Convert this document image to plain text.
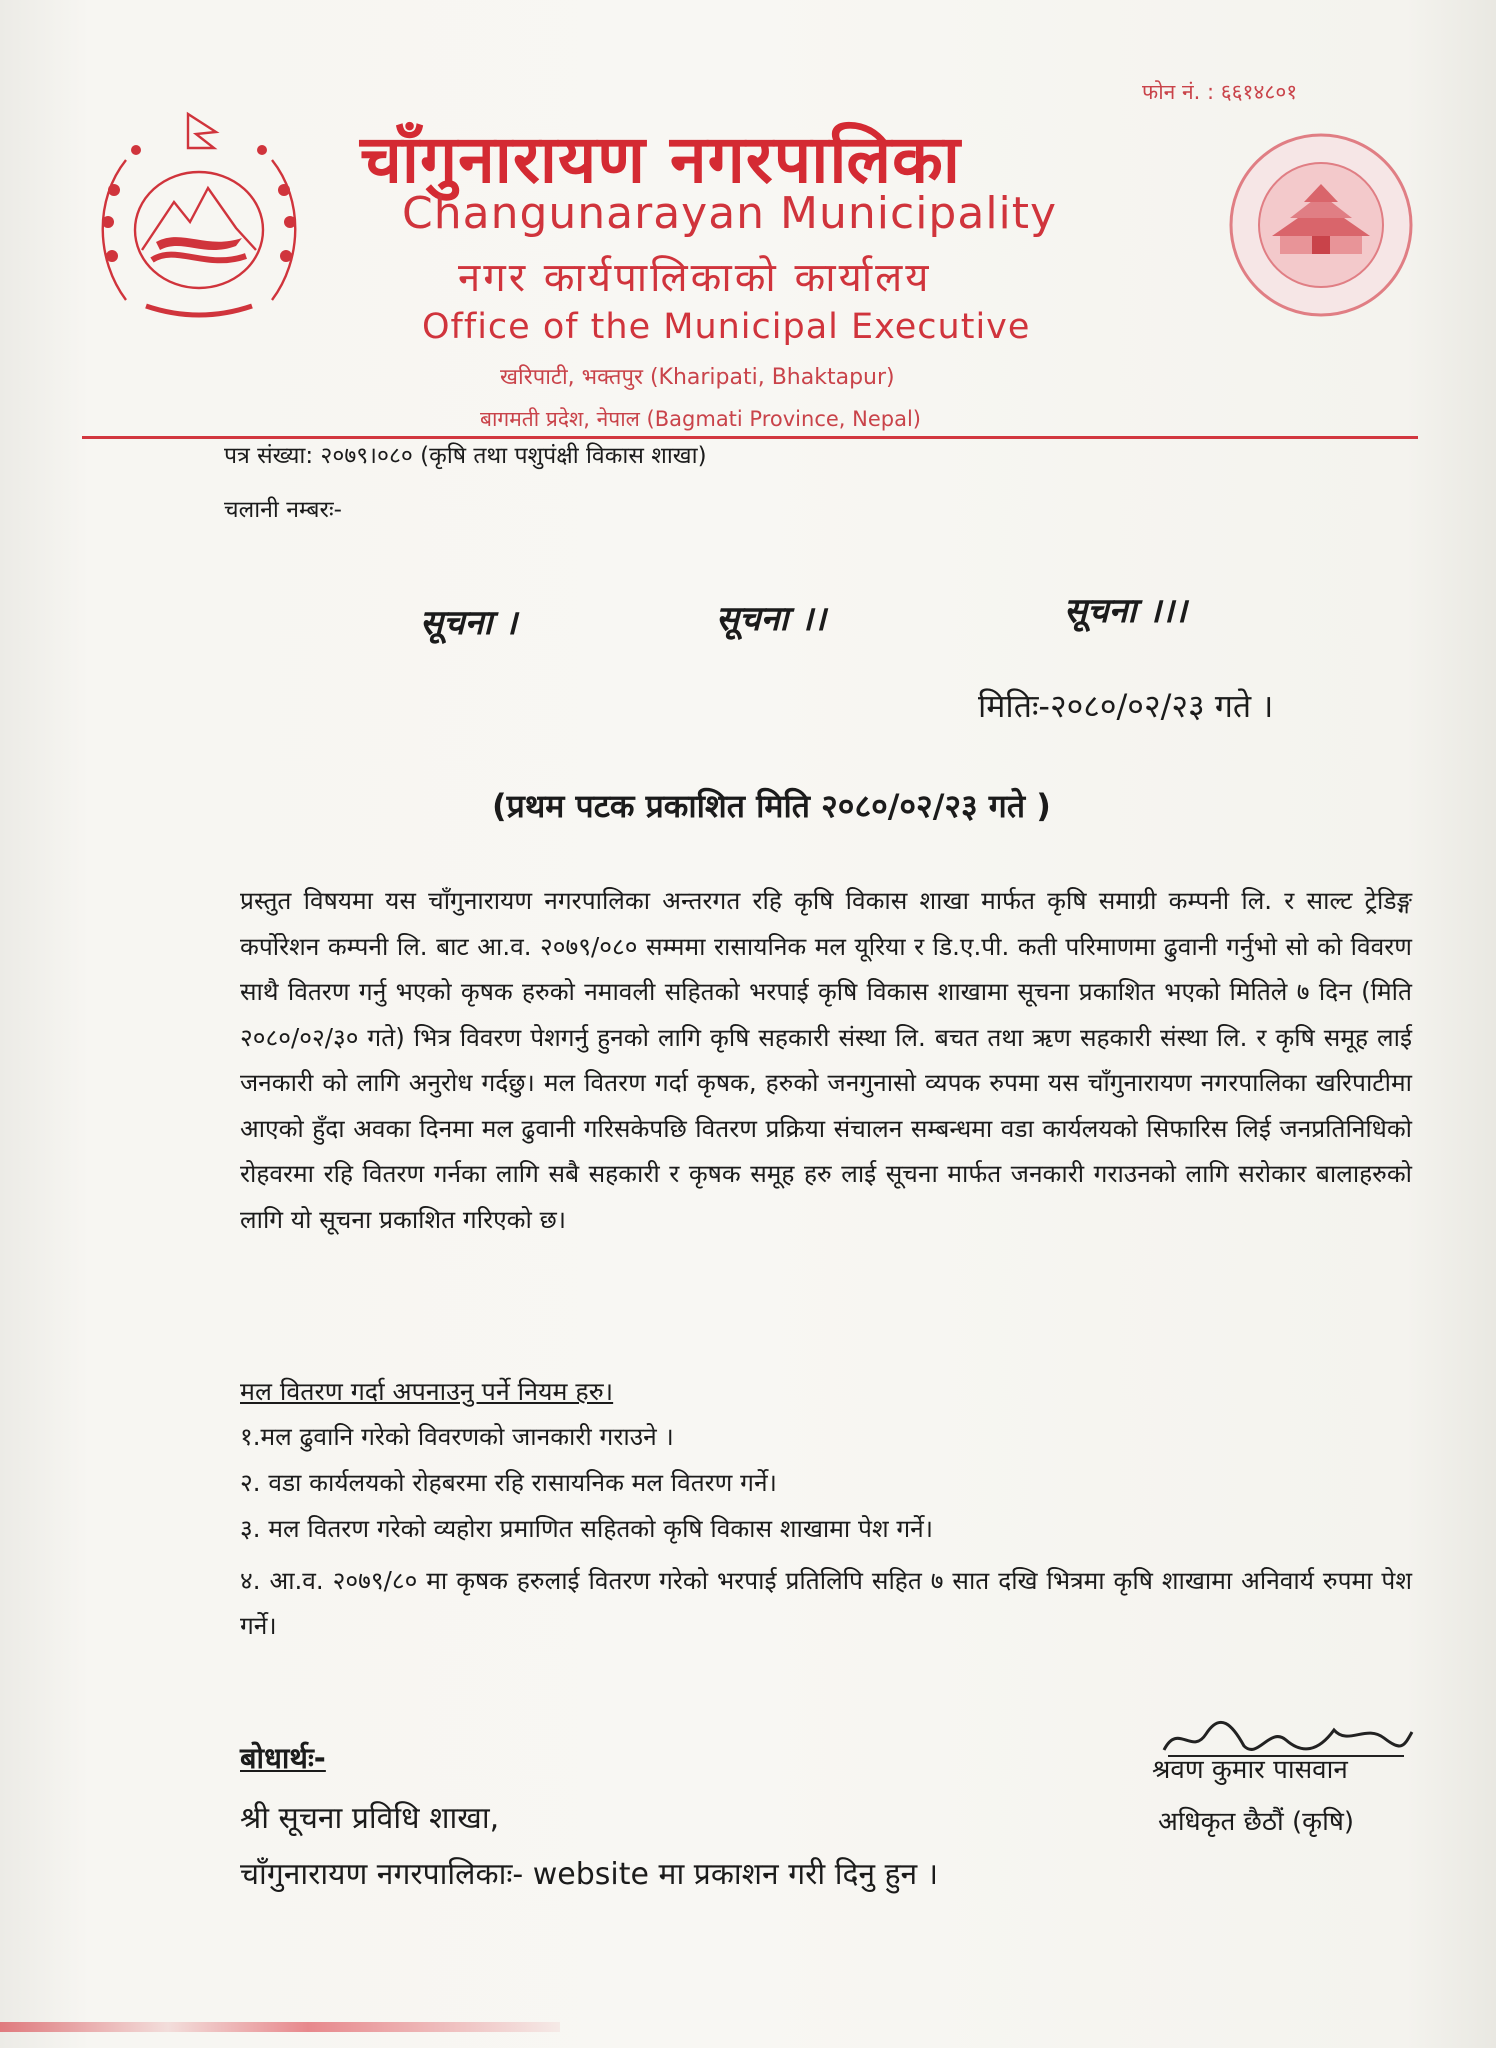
फोन नं. : ६६१४८०१
चाँगुनारायण नगरपालिका
Changunarayan Municipality
नगर कार्यपालिकाको कार्यालय
Office of the Municipal Executive
खरिपाटी, भक्तपुर (Kharipati, Bhaktapur)
बागमती प्रदेश, नेपाल (Bagmati Province, Nepal)
पत्र संख्या: २०७९।०८० (कृषि तथा पशुपंक्षी विकास शाखा)
चलानी नम्बरः-
सूचना ।	सूचना ।।	सूचना ।।।
मितिः-२०८०/०२/२३ गते ।
(प्रथम पटक प्रकाशित मिति २०८०/०२/२३ गते )
प्रस्तुत विषयमा यस चाँगुनारायण नगरपालिका अन्तरगत रहि कृषि विकास शाखा मार्फत कृषि समाग्री कम्पनी लि. र साल्ट ट्रेडिङ्ग कर्पोरेशन कम्पनी लि. बाट आ.व. २०७९/०८० सम्ममा रासायनिक मल यूरिया र डि.ए.पी. कती परिमाणमा ढुवानी गर्नुभो सो को विवरण साथै वितरण गर्नु भएको कृषक हरुको नमावली सहितको भरपाई कृषि विकास शाखामा सूचना प्रकाशित भएको मितिले ७ दिन (मिति २०८०/०२/३० गते) भित्र विवरण पेशगर्नु हुनको लागि कृषि सहकारी संस्था लि. बचत तथा ऋण सहकारी संस्था लि. र कृषि समूह लाई जनकारी को लागि अनुरोध गर्दछु। मल वितरण गर्दा कृषक, हरुको जनगुनासो व्यपक रुपमा यस चाँगुनारायण नगरपालिका खरिपाटीमा आएको हुँदा अवका दिनमा मल ढुवानी गरिसकेपछि वितरण प्रक्रिया संचालन सम्बन्धमा वडा कार्यलयको सिफारिस लिई जनप्रतिनिधिको रोहवरमा रहि वितरण गर्नका लागि सबै सहकारी र कृषक समूह हरु लाई सूचना मार्फत जनकारी गराउनको लागि सरोकार बालाहरुको लागि यो सूचना प्रकाशित गरिएको छ।
मल वितरण गर्दा अपनाउनु पर्ने नियम हरु।
१.मल ढुवानि गरेको विवरणको जानकारी गराउने ।
२. वडा कार्यलयको रोहबरमा रहि रासायनिक मल वितरण गर्ने।
३. मल वितरण गरेको व्यहोरा प्रमाणित सहितको कृषि विकास शाखामा पेश गर्ने।
४. आ.व. २०७९/८० मा कृषक हरुलाई वितरण गरेको भरपाई प्रतिलिपि सहित ७ सात दखि भित्रमा कृषि शाखामा अनिवार्य रुपमा पेश गर्ने।
बोधार्थः-
श्री सूचना प्रविधि शाखा,
चाँगुनारायण नगरपालिकाः- website मा प्रकाशन गरी दिनु हुन ।
श्रवण कुमार पासवान
अधिकृत छैठौं (कृषि)
